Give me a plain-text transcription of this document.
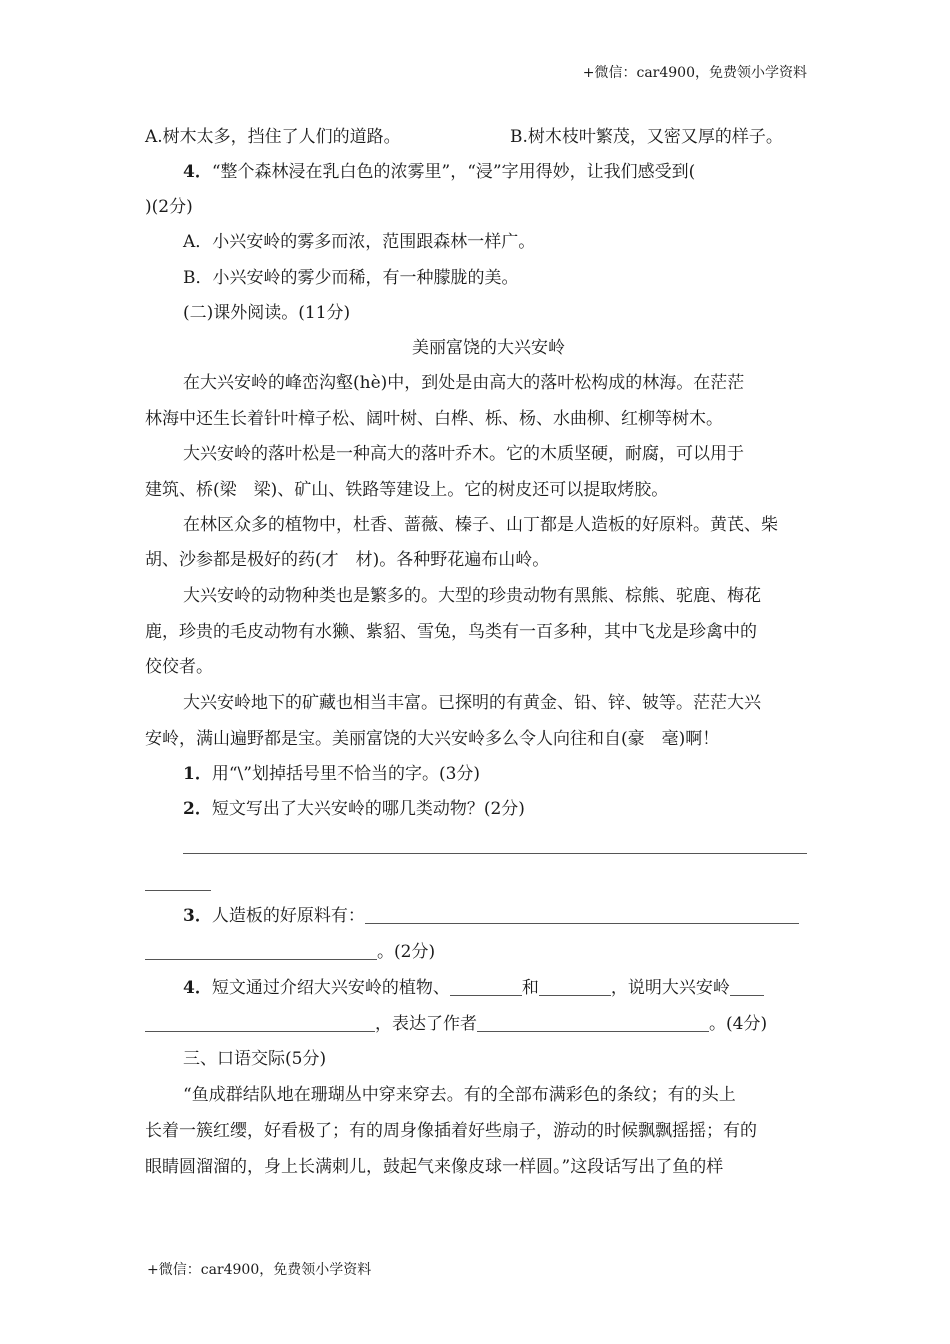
+微信：car4900，免费领小学资料
A.树木太多，挡住了人们的道路。	B.树木枝叶繁茂，又密又厚的样子。
4．“整个森林浸在乳白色的浓雾里”，“浸”字用得妙，让我们感受到(
)(2分)
A．小兴安岭的雾多而浓，范围跟森林一样广。
B．小兴安岭的雾少而稀，有一种朦胧的美。
(二)课外阅读。(11分)
美丽富饶的大兴安岭
在大兴安岭的峰峦沟壑(hè)中，到处是由高大的落叶松构成的林海。在茫茫
林海中还生长着针叶樟子松、阔叶树、白桦、栎、杨、水曲柳、红柳等树木。
大兴安岭的落叶松是一种高大的落叶乔木。它的木质坚硬，耐腐，可以用于
建筑、桥(梁　梁)、矿山、铁路等建设上。它的树皮还可以提取烤胶。
在林区众多的植物中，杜香、蔷薇、榛子、山丁都是人造板的好原料。黄芪、柴
胡、沙参都是极好的药(才　材)。各种野花遍布山岭。
大兴安岭的动物种类也是繁多的。大型的珍贵动物有黑熊、棕熊、驼鹿、梅花
鹿，珍贵的毛皮动物有水獭、紫貂、雪兔，鸟类有一百多种，其中飞龙是珍禽中的
佼佼者。
大兴安岭地下的矿藏也相当丰富。已探明的有黄金、铅、锌、铍等。茫茫大兴
安岭，满山遍野都是宝。美丽富饶的大兴安岭多么令人向往和自(豪　毫)啊！
1．用“\”划掉括号里不恰当的字。(3分)
2．短文写出了大兴安岭的哪几类动物？(2分)
3．人造板的好原料有：
。(2分)
4．短文通过介绍大兴安岭的植物、	和	，说明大兴安岭
，表达了作者	。(4分)
三、口语交际(5分)
“鱼成群结队地在珊瑚丛中穿来穿去。有的全部布满彩色的条纹；有的头上
长着一簇红缨，好看极了；有的周身像插着好些扇子，游动的时候飘飘摇摇；有的
眼睛圆溜溜的，身上长满刺儿，鼓起气来像皮球一样圆。”这段话写出了鱼的样
+微信：car4900，免费领小学资料
